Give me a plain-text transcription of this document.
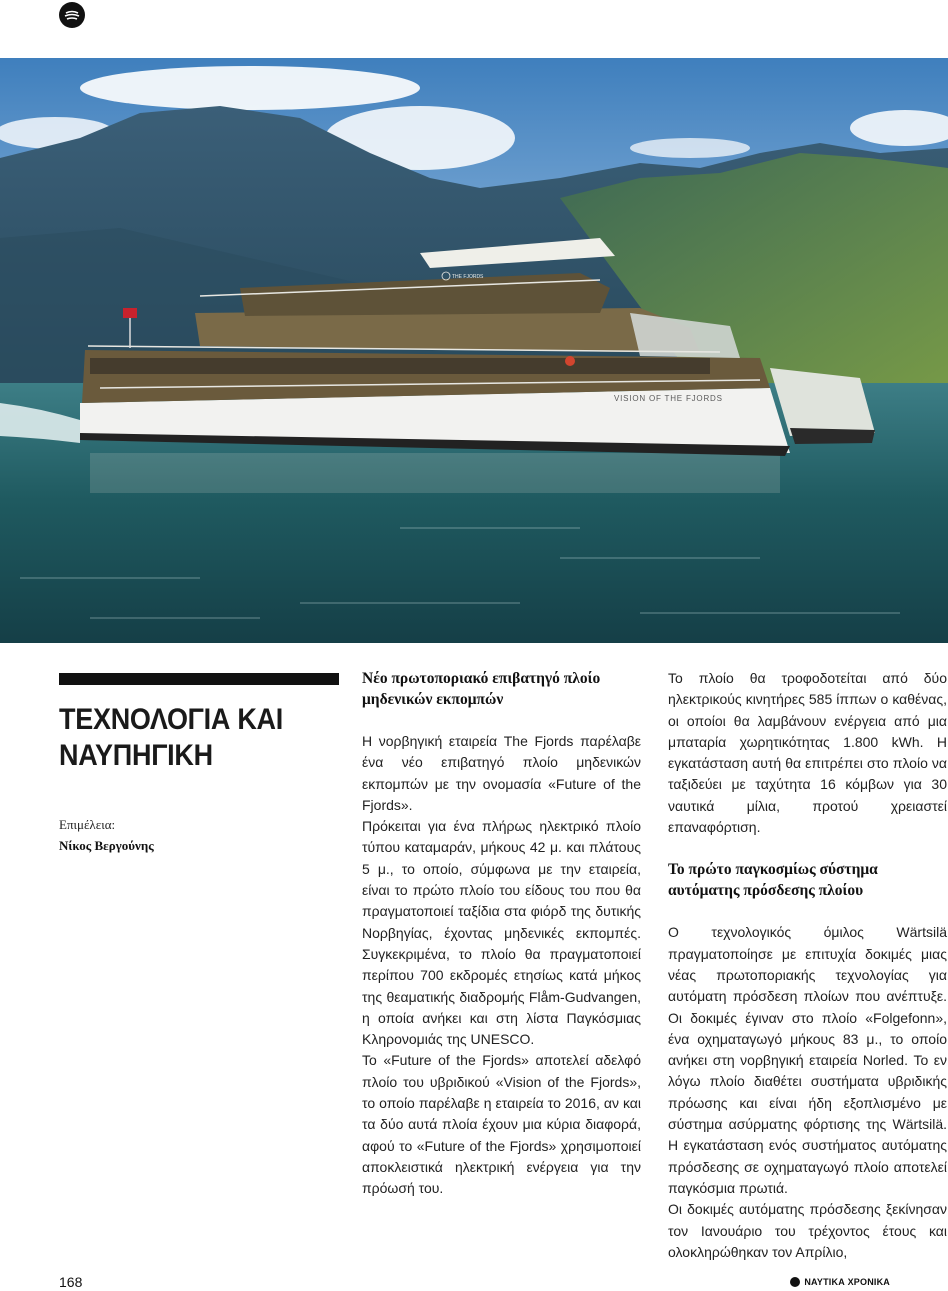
VISION OF THE FJORDS
THE FJORDS
ΤΕΧΝΟΛΟΓΙΑ ΚΑΙ ΝΑΥΠΗΓΙΚΗ
Επιμέλεια:
Νίκος Βεργούνης
Νέο πρωτοποριακό επιβατηγό πλοίο μηδενικών εκπομπών

Η νορβηγική εταιρεία The Fjords παρέλαβε ένα νέο επιβατηγό πλοίο μηδενικών εκπομπών με την ονομασία «Future of the Fjords».

Πρόκειται για ένα πλήρως ηλεκτρικό πλοίο τύπου καταμαράν, μήκους 42 μ. και πλάτους 5 μ., το οποίο, σύμφωνα με την εταιρεία, είναι το πρώτο πλοίο του είδους του που θα πραγματοποιεί ταξίδια στα φιόρδ της δυτικής Νορβηγίας, έχοντας μηδενικές εκπομπές. Συγκεκριμένα, το πλοίο θα πραγματοποιεί περίπου 700 εκδρομές ετησίως κατά μήκος της θεαματικής διαδρομής Flåm-Gudvangen, η οποία ανήκει και στη λίστα Παγκόσμιας Κληρονομιάς της UNESCO.

Το «Future of the Fjords» αποτελεί αδελφό πλοίο του υβριδικού «Vision of the Fjords», το οποίο παρέλαβε η εταιρεία το 2016, αν και τα δύο αυτά πλοία έχουν μια κύρια διαφορά, αφού το «Future of the Fjords» χρησιμοποιεί αποκλειστικά ηλεκτρική ενέργεια για την πρόωσή του.

Το πλοίο θα τροφοδοτείται από δύο ηλεκτρικούς κινητήρες 585 ίππων ο καθένας, οι οποίοι θα λαμβάνουν ενέργεια από μια μπαταρία χωρητικότητας 1.800 kWh. Η εγκατάσταση αυτή θα επιτρέπει στο πλοίο να ταξιδεύει με ταχύτητα 16 κόμβων για 30 ναυτικά μίλια, προτού χρειαστεί επαναφόρτιση.

Το πρώτο παγκοσμίως σύστημα αυτόματης πρόσδεσης πλοίου

Ο τεχνολογικός όμιλος Wärtsilä πραγματοποίησε με επιτυχία δοκιμές μιας νέας πρωτοποριακής τεχνολογίας για αυτόματη πρόσδεση πλοίων που ανέπτυξε. Οι δοκιμές έγιναν στο πλοίο «Folgefonn», ένα οχηματαγωγό μήκους 83 μ., το οποίο ανήκει στη νορβηγική εταιρεία Norled. Το εν λόγω πλοίο διαθέτει συστήματα υβριδικής πρόωσης και είναι ήδη εξοπλισμένο με σύστημα ασύρματης φόρτισης της Wärtsilä. Η εγκατάσταση ενός συστήματος αυτόματης πρόσδεσης σε οχηματαγωγό πλοίο αποτελεί παγκόσμια πρωτιά.

Οι δοκιμές αυτόματης πρόσδεσης ξεκίνησαν τον Ιανουάριο του τρέχοντος έτους και ολοκληρώθηκαν τον Απρίλιο,

168	ΝΑΥΤΙΚΑ ΧΡΟΝΙΚΑ
